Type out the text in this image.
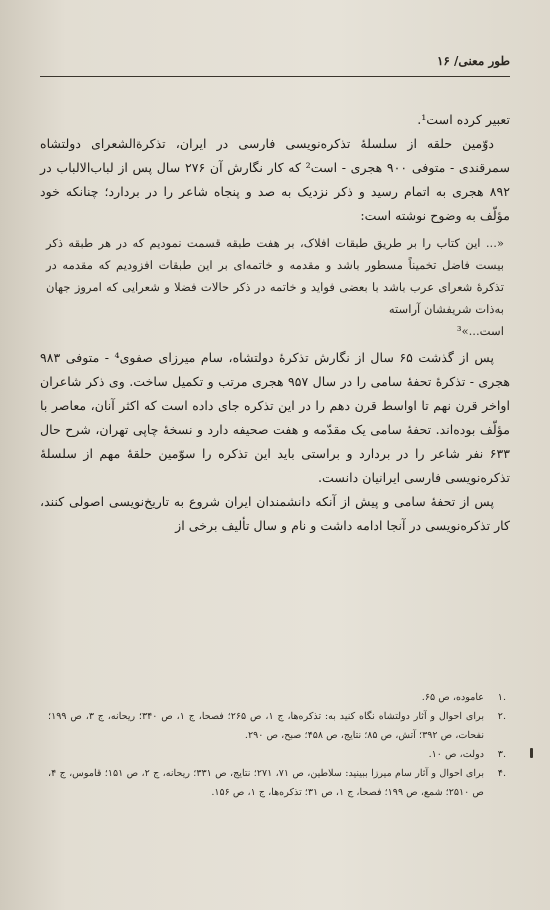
طور معنی/ ۱۶

تعبیر کرده است¹.

دوّمین حلقه از سلسلهٔ تذکره‌نویسی فارسی در ایران، تذکرة‌الشعرای دولتشاه سمرقندی - متوفی ۹۰۰ هجری - است² که کار نگارش آن ۲۷۶ سال پس از لباب‌الالباب در ۸۹۲ هجری به اتمام رسید و ذکر نزدیک به صد و پنجاه شاعر را در بردارد؛ چنانکه خود مؤلّف به وضوح نوشته است:

«... این کتاب را بر طریق طبقات افلاک، بر هفت طبقه قسمت نمودیم که در هر طبقه ذکر بیست فاضل تخمیناً مسطور باشد و مقدمه و خاتمه‌ای بر این طبقات افزودیم که مقدمه در تذکرهٔ شعرای عرب باشد با بعضی فواید و خاتمه در ذکر حالات فضلا و شعرایی که امروز جهان به‌ذات شریفشان آراسته
است...»³

پس از گذشت ۶۵ سال از نگارش تذکرهٔ دولتشاه، سام میرزای صفوی⁴ - متوفی ۹۸۳ هجری - تذکرهٔ تحفهٔ سامی را در سال ۹۵۷ هجری مرتب و تکمیل ساخت. وی ذکر شاعران اواخر قرن نهم تا اواسط قرن دهم را در این تذکره جای داده است که اکثر آنان، معاصر با مؤلّف بوده‌اند. تحفهٔ سامی یک مقدّمه و هفت صحیفه دارد و نسخهٔ چاپی تهران، شرح حال ۶۳۳ نفر شاعر را در بردارد و براستی باید این تذکره را سوّمین حلقهٔ مهم از سلسلهٔ تذکره‌نویسی فارسی ایرانیان دانست.

پس از تحفهٔ سامی و پیش از آنکه دانشمندان ایران شروع به تاریخ‌نویسی اصولی کنند، کار تذکره‌نویسی در آنجا ادامه داشت و نام و سال تألیف برخی از

.۱
عاموده، ص ۶۵.
.۲
برای احوال و آثار دولتشاه نگاه کنید به: تذکره‌ها، ج ۱، ص ۲۶۵؛ فصحا، ج ۱، ص ۳۴۰؛ ریحانه، ج ۳، ص ۱۹۹؛ نفحات، ص ۳۹۲؛ آتش، ص ۸۵؛ نتایج، ص ۴۵۸؛ صبح، ص ۲۹۰.
.۳
دولت، ص ۱۰.
.۴
برای احوال و آثار سام میرزا ببینید: سلاطین، ص ۷۱، ۲۷۱؛ نتایج، ص ۳۳۱؛ ریحانه، ج ۲، ص ۱۵۱؛ قاموس، ج ۴، ص ۲۵۱۰؛ شمع، ص ۱۹۹؛ فصحا، ج ۱، ص ۳۱؛ تذکره‌ها، ج ۱، ص ۱۵۶.
